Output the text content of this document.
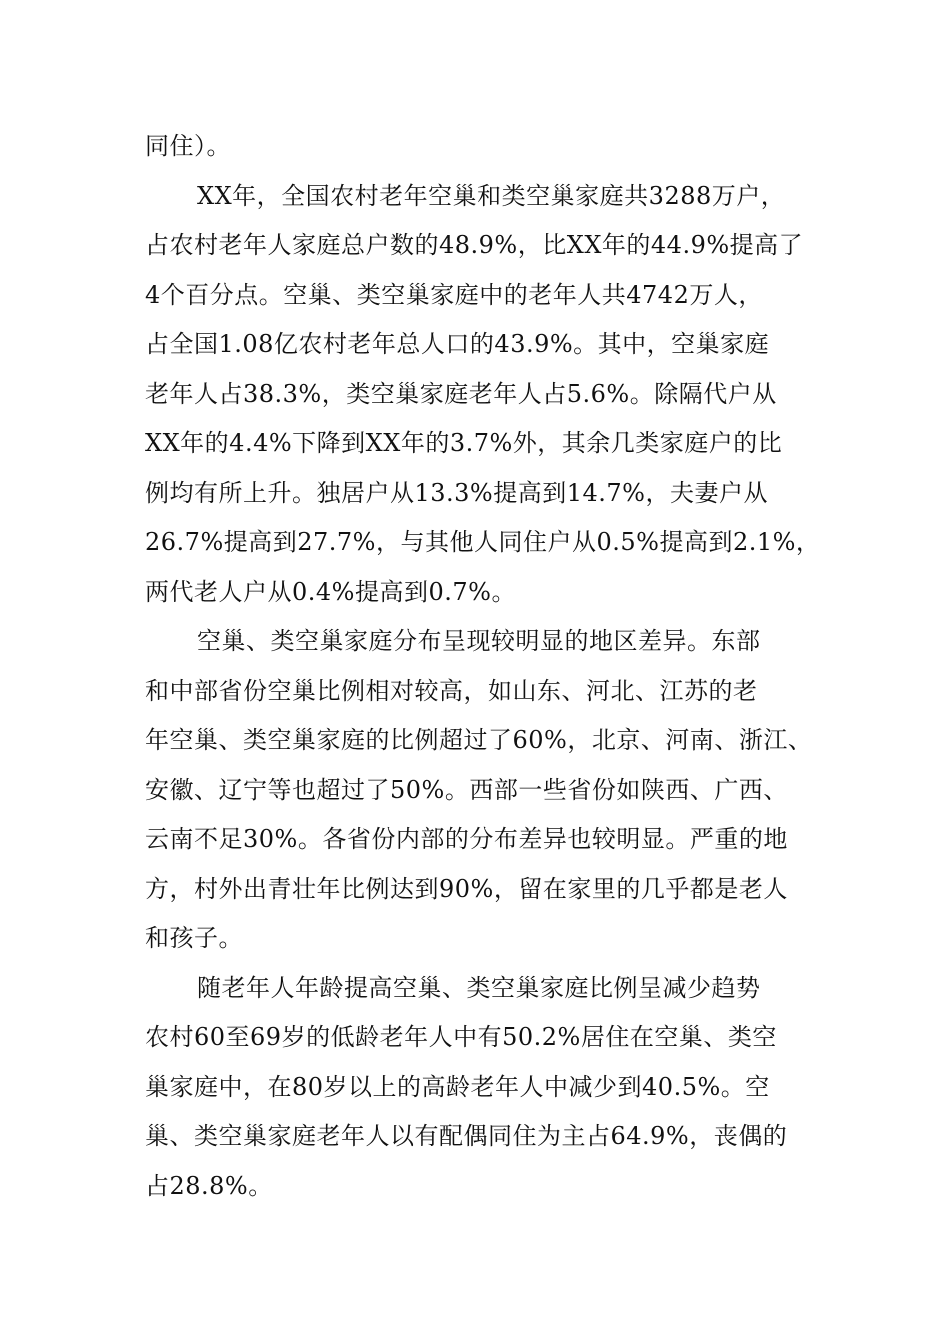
同住）。
XX年，全国农村老年空巢和类空巢家庭共3288万户，
占农村老年人家庭总户数的48.9%，比XX年的44.9%提高了
4个百分点。空巢、类空巢家庭中的老年人共4742万人，
占全国1.08亿农村老年总人口的43.9%。其中，空巢家庭
老年人占38.3%，类空巢家庭老年人占5.6%。除隔代户从
XX年的4.4%下降到XX年的3.7%外，其余几类家庭户的比
例均有所上升。独居户从13.3%提高到14.7%，夫妻户从
26.7%提高到27.7%，与其他人同住户从0.5%提高到2.1%，
两代老人户从0.4%提高到0.7%。
空巢、类空巢家庭分布呈现较明显的地区差异。东部
和中部省份空巢比例相对较高，如山东、河北、江苏的老
年空巢、类空巢家庭的比例超过了60%，北京、河南、浙江、
安徽、辽宁等也超过了50%。西部一些省份如陕西、广西、
云南不足30%。各省份内部的分布差异也较明显。严重的地
方，村外出青壮年比例达到90%，留在家里的几乎都是老人
和孩子。
随老年人年龄提高空巢、类空巢家庭比例呈减少趋势
农村60至69岁的低龄老年人中有50.2%居住在空巢、类空
巢家庭中，在80岁以上的高龄老年人中减少到40.5%。空
巢、类空巢家庭老年人以有配偶同住为主占64.9%，丧偶的
占28.8%。
